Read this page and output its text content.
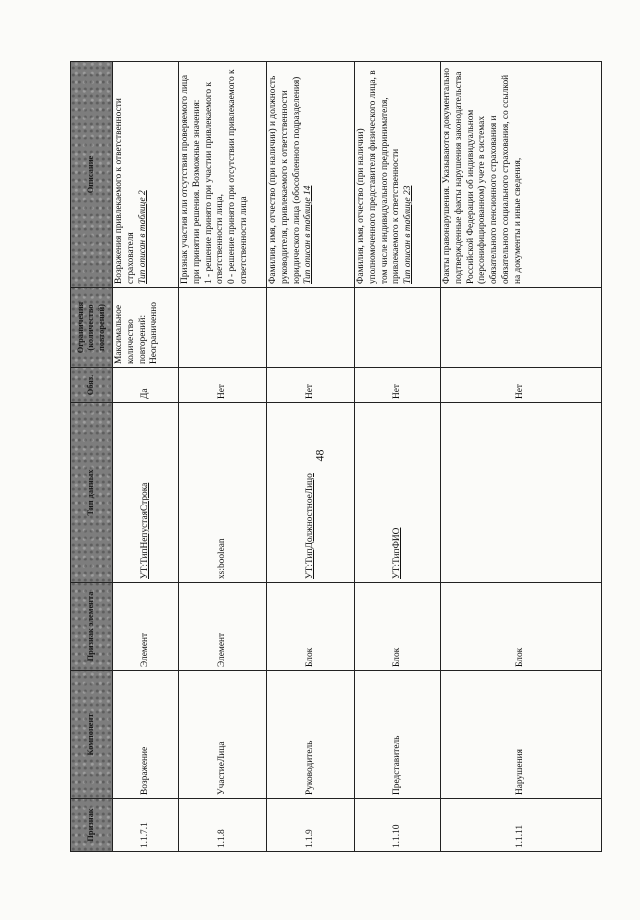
48
Признак	Компонент	Признак элемента	Тип данных	Обяз.	Ограничения (количество повторений)	Описание
1.1.7.1	Возражение	Элемент	УТ:ТипНепустаяСтрока	Да	Максимальное количество повторений: Неограниченно	Возражения привлекаемого к ответственности страхователя Тип описан в таблице 2

1.1.8	УчастиеЛица	Элемент	xs:boolean	Нет		Признак участия или отсутствия проверяемого лица при принятии решения. Возможные значения: 1 - решение принято при участии привлекаемого к ответственности лица, 0 - решение принято при отсутствии привлекаемого к ответственности лица

1.1.9	Руководитель	Блок	УТ:ТипДолжностноеЛицо	Нет		Фамилия, имя, отчество (при наличии) и должность руководителя, привлекаемого к ответственности юридического лица (обособленного подразделения) Тип описан в таблице 14

1.1.10	Представитель	Блок	УТ:ТипФИО	Нет		Фамилия, имя, отчество (при наличии) уполномоченного представителя физического лица, в том числе индивидуального предпринимателя, привлекаемого к ответственности Тип описан в таблице 23

1.1.11	Нарушения	Блок		Нет		Факты правонарушения. Указываются документально подтвержденные факты нарушения законодательства Российской Федерации об индивидуальном (персонифицированном) учете в системах обязательного пенсионного страхования и обязательного социального страхования, со ссылкой на документы и иные сведения,
